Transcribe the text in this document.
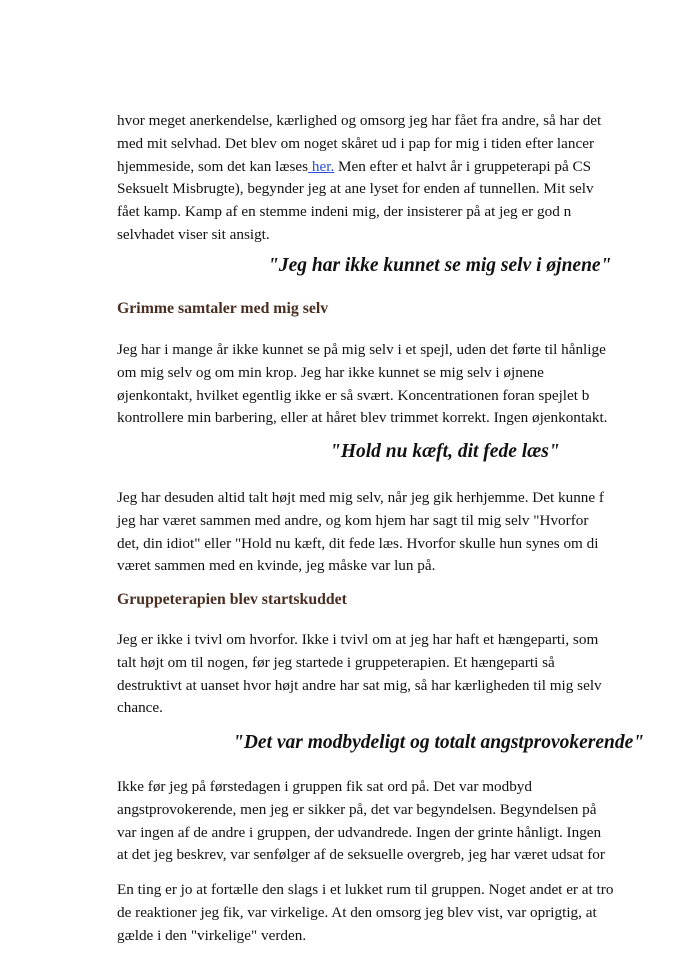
hvor meget anerkendelse, kærlighed og omsorg jeg har fået fra andre, så har det
med mit selvhad. Det blev om noget skåret ud i pap for mig i tiden efter lancer
hjemmeside, som det kan læses her. Men efter et halvt år i gruppeterapi på CS
Seksuelt Misbrugte), begynder jeg at ane lyset for enden af tunnellen. Mit selv
fået kamp. Kamp af en stemme indeni mig, der insisterer på at jeg er god n
selvhadet viser sit ansigt.

"Jeg har ikke kunnet se mig selv i øjnene"

Grimme samtaler med mig selv

Jeg har i mange år ikke kunnet se på mig selv i et spejl, uden det førte til hånlige
om mig selv og om min krop. Jeg har ikke kunnet se mig selv i øjnene
øjenkontakt, hvilket egentlig ikke er så svært. Koncentrationen foran spejlet b
kontrollere min barbering, eller at håret blev trimmet korrekt. Ingen øjenkontakt.

"Hold nu kæft, dit fede læs"

Jeg har desuden altid talt højt med mig selv, når jeg gik herhjemme. Det kunne f
jeg har været sammen med andre, og kom hjem har sagt til mig selv "Hvorfor
det, din idiot" eller "Hold nu kæft, dit fede læs. Hvorfor skulle hun synes om di
været sammen med en kvinde, jeg måske var lun på.

Gruppeterapien blev startskuddet

Jeg er ikke i tvivl om hvorfor. Ikke i tvivl om at jeg har haft et hængeparti, som
talt højt om til nogen, før jeg startede i gruppeterapien. Et hængeparti så
destruktivt at uanset hvor højt andre har sat mig, så har kærligheden til mig selv
chance.

"Det var modbydeligt og totalt angstprovokerende"

Ikke før jeg på førstedagen i gruppen fik sat ord på. Det var modbyd
angstprovokerende, men jeg er sikker på, det var begyndelsen. Begyndelsen på
var ingen af de andre i gruppen, der udvandrede. Ingen der grinte hånligt. Ingen
at det jeg beskrev, var senfølger af de seksuelle overgreb, jeg har været udsat for

En ting er jo at fortælle den slags i et lukket rum til gruppen. Noget andet er at tro
de reaktioner jeg fik, var virkelige. At den omsorg jeg blev vist, var oprigtig, at
gælde i den "virkelige" verden.
